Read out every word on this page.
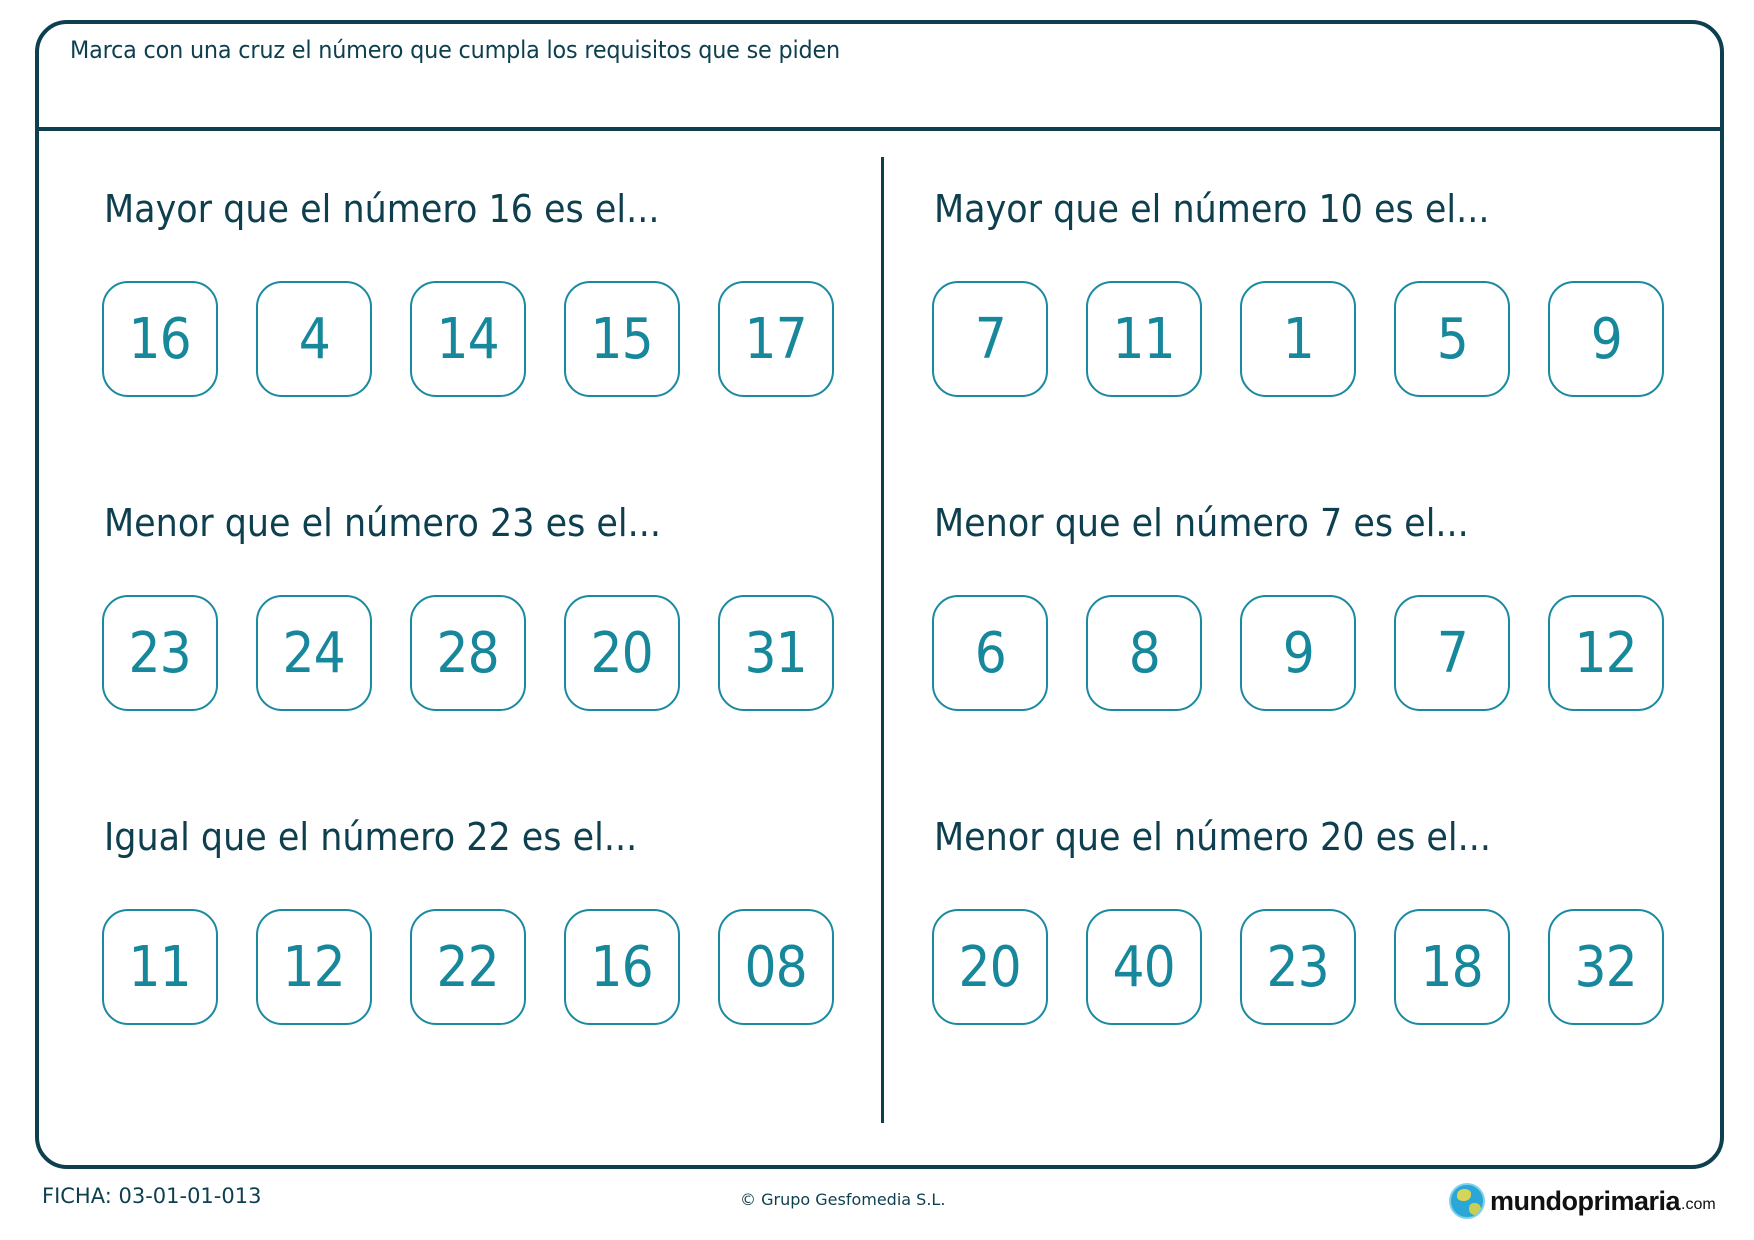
Marca con una cruz el número que cumpla los requisitos que se piden
Mayor que el número 16 es el...
16 4 14 15 17
Menor que el número 23 es el...
23 24 28 20 31
Igual que el número 22 es el...
11 12 22 16 08
Mayor que el número 10 es el...
7 11 1 5 9
Menor que el número 7 es el...
6 8 9 7 12
Menor que el número 20 es el...
20 40 23 18 32
FICHA: 03-01-01-013	© Grupo Gesfomedia S.L.	mundoprimaria .com
